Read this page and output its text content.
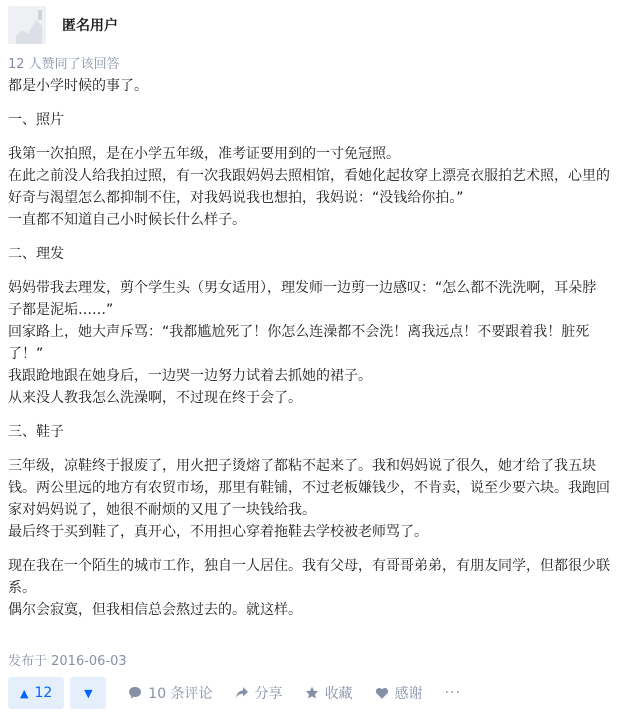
匿名用户
12 人赞同了该回答

都是小学时候的事了。

一、照片

我第一次拍照，是在小学五年级，准考证要用到的一寸免冠照。

在此之前没人给我拍过照，有一次我跟妈妈去照相馆，看她化起妆穿上漂亮衣服拍艺术照，心里的

好奇与渴望怎么都抑制不住，对我妈说我也想拍，我妈说：“没钱给你拍。”

一直都不知道自己小时候长什么样子。

二、理发

妈妈带我去理发，剪个学生头（男女适用），理发师一边剪一边感叹：“怎么都不洗洗啊，耳朵脖

子都是泥垢……”

回家路上，她大声斥骂：“我都尴尬死了！你怎么连澡都不会洗！离我远点！不要跟着我！脏死

了！”

我跟跄地跟在她身后，一边哭一边努力试着去抓她的裙子。

从来没人教我怎么洗澡啊，不过现在终于会了。

三、鞋子

三年级，凉鞋终于报废了，用火把子烫熔了都粘不起来了。我和妈妈说了很久，她才给了我五块

钱。两公里远的地方有农贸市场，那里有鞋铺，不过老板嫌钱少，不肯卖，说至少要六块。我跑回

家对妈妈说了，她很不耐烦的又甩了一块钱给我。

最后终于买到鞋了，真开心，不用担心穿着拖鞋去学校被老师骂了。

现在我在一个陌生的城市工作，独自一人居住。我有父母，有哥哥弟弟，有朋友同学，但都很少联

系。

偶尔会寂寞，但我相信总会熬过去的。就这样。

发布于 2016-06-03
▲ 12	▼	10 条评论	分享	收藏	感谢 ···
